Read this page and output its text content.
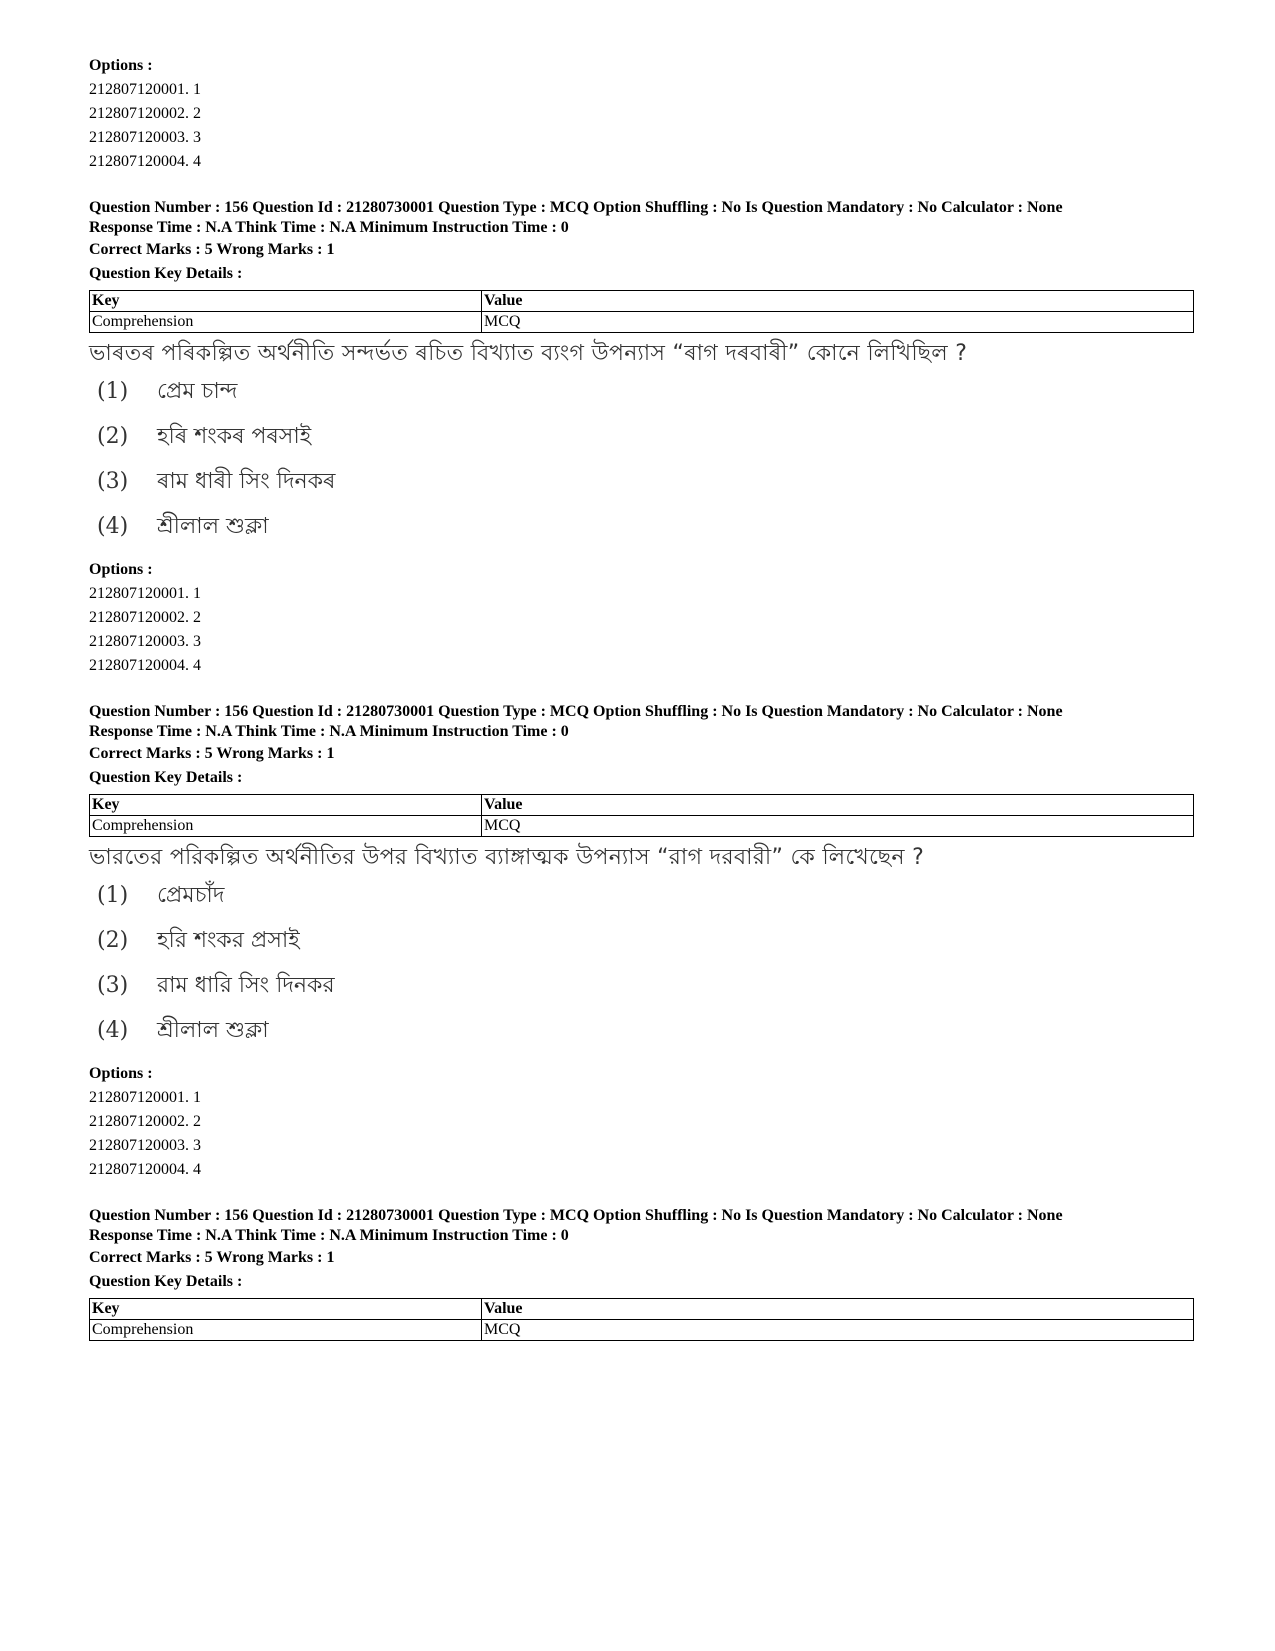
Options :
212807120001. 1
212807120002. 2
212807120003. 3
212807120004. 4
Question Number : 156 Question Id : 21280730001 Question Type : MCQ Option Shuffling : No Is Question Mandatory : No Calculator : None
Response Time : N.A Think Time : N.A Minimum Instruction Time : 0
Correct Marks : 5 Wrong Marks : 1
Question Key Details :
Key	Value
Comprehension	MCQ
ভাৰতৰ পৰিকল্পিত অৰ্থনীতি সন্দৰ্ভত ৰচিত বিখ্যাত ব্যংগ উপন্যাস “ৰাগ দৰবাৰী” কোনে লিখিছিল ?
(1) প্ৰেম চান্দ
(2) হৰি শংকৰ পৰসাই
(3) ৰাম ধাৰী সিং দিনকৰ
(4) শ্ৰীলাল শুক্লা
Options :
212807120001. 1
212807120002. 2
212807120003. 3
212807120004. 4
Question Number : 156 Question Id : 21280730001 Question Type : MCQ Option Shuffling : No Is Question Mandatory : No Calculator : None
Response Time : N.A Think Time : N.A Minimum Instruction Time : 0
Correct Marks : 5 Wrong Marks : 1
Question Key Details :
Key	Value
Comprehension	MCQ
ভারতের পরিকল্পিত অর্থনীতির উপর বিখ্যাত ব্যাঙ্গাত্মক উপন্যাস “রাগ দরবারী” কে লিখেছেন ?
(1) প্রেমচাঁদ
(2) হরি শংকর প্রসাই
(3) রাম ধারি সিং দিনকর
(4) শ্রীলাল শুক্লা
Options :
212807120001. 1
212807120002. 2
212807120003. 3
212807120004. 4
Question Number : 156 Question Id : 21280730001 Question Type : MCQ Option Shuffling : No Is Question Mandatory : No Calculator : None
Response Time : N.A Think Time : N.A Minimum Instruction Time : 0
Correct Marks : 5 Wrong Marks : 1
Question Key Details :
Key	Value
Comprehension	MCQ
